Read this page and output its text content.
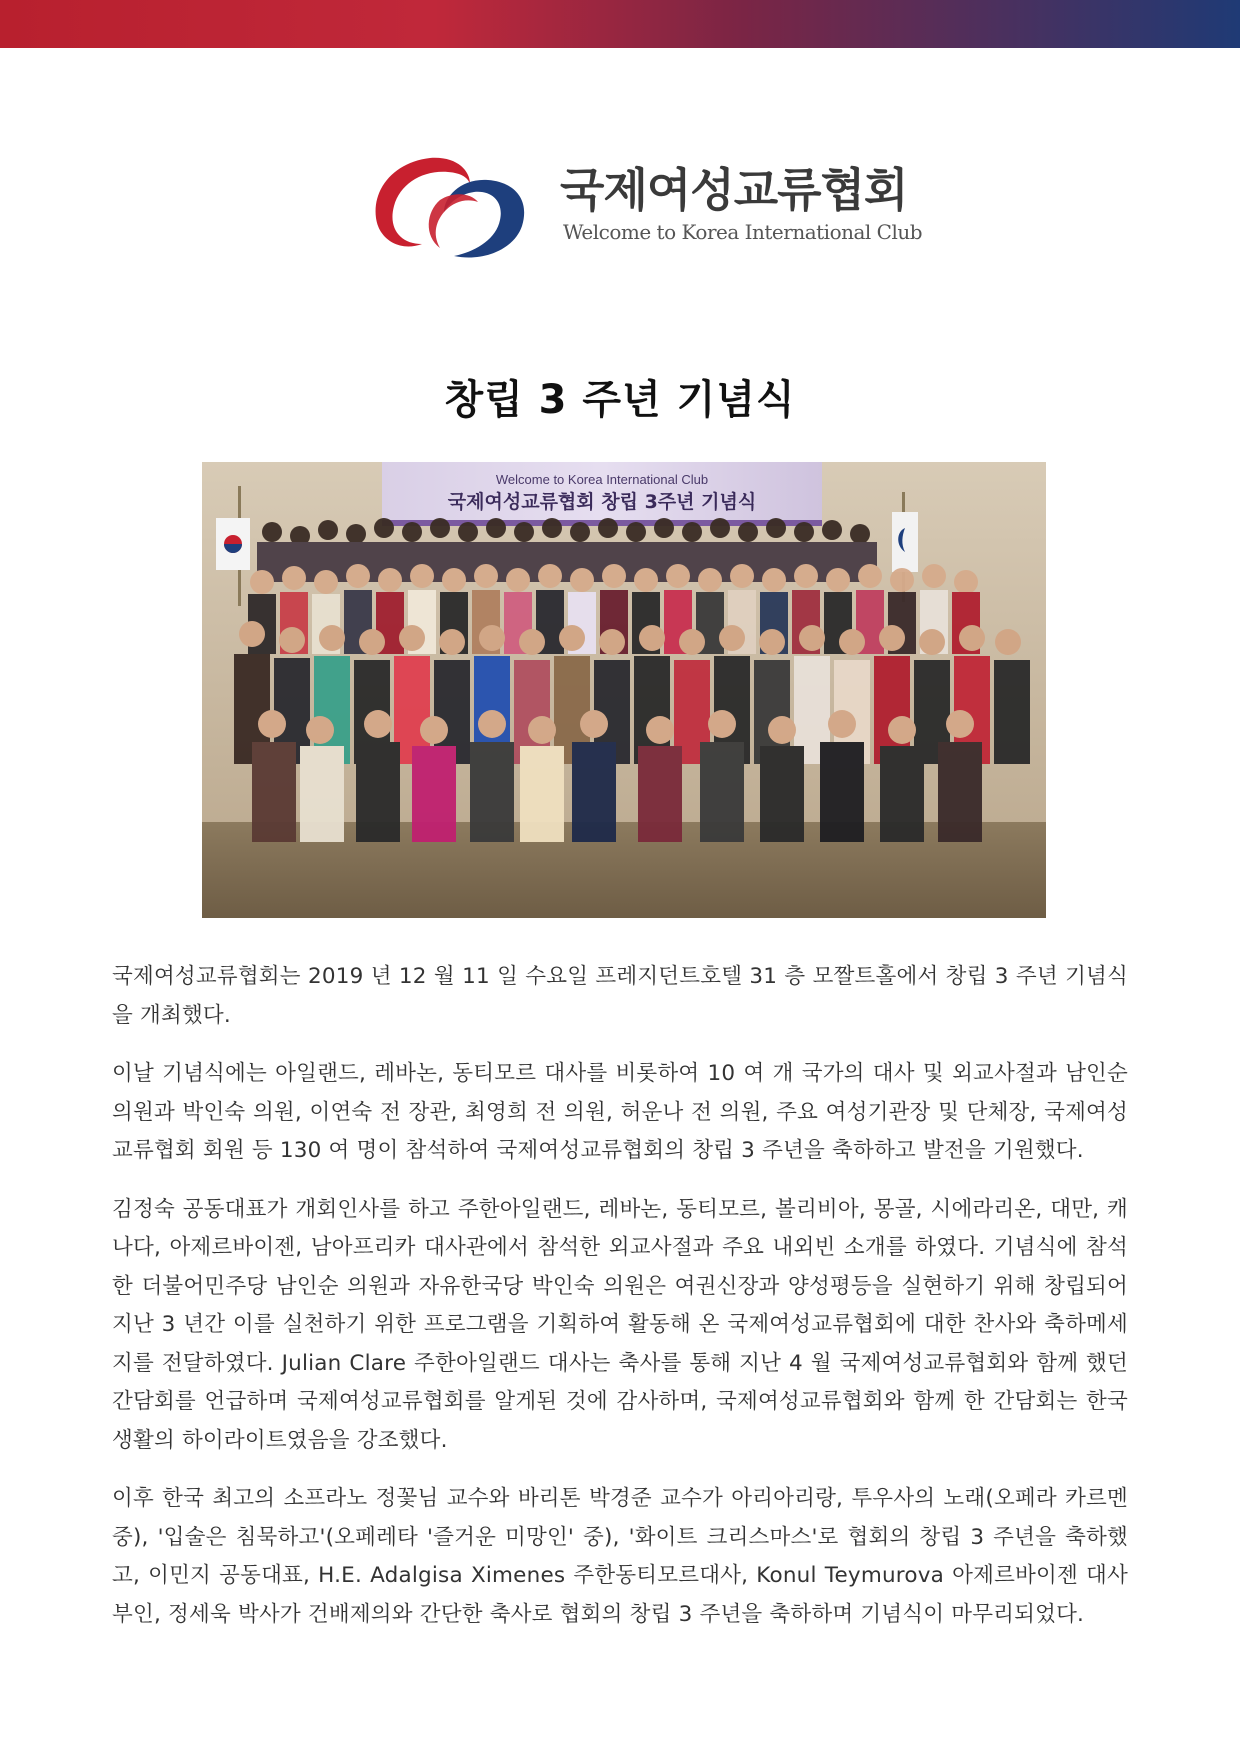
국제여성교류협회
Welcome to Korea International Club
창립 3 주년 기념식
Welcome to Korea International Club
국제여성교류협회 창립 3주년 기념식

국제여성교류협회는 2019 년 12 월 11 일 수요일 프레지던트호텔 31 층 모짤트홀에서 창립 3 주년 기념식을 개최했다.

이날 기념식에는 아일랜드, 레바논, 동티모르 대사를 비롯하여 10 여 개 국가의 대사 및 외교사절과 남인순 의원과 박인숙 의원, 이연숙 전 장관, 최영희 전 의원, 허운나 전 의원, 주요 여성기관장 및 단체장, 국제여성교류협회 회원 등 130 여 명이 참석하여 국제여성교류협회의 창립 3 주년을 축하하고 발전을 기원했다.

김정숙 공동대표가 개회인사를 하고 주한아일랜드, 레바논, 동티모르, 볼리비아, 몽골, 시에라리온, 대만, 캐나다, 아제르바이젠, 남아프리카 대사관에서 참석한 외교사절과 주요 내외빈 소개를 하였다. 기념식에 참석한 더불어민주당 남인순 의원과 자유한국당 박인숙 의원은 여권신장과 양성평등을 실현하기 위해 창립되어 지난 3 년간 이를 실천하기 위한 프로그램을 기획하여 활동해 온 국제여성교류협회에 대한 찬사와 축하메세지를 전달하였다. Julian Clare 주한아일랜드 대사는 축사를 통해 지난 4 월 국제여성교류협회와 함께 했던 간담회를 언급하며 국제여성교류협회를 알게된 것에 감사하며, 국제여성교류협회와 함께 한 간담회는 한국생활의 하이라이트였음을 강조했다.

이후 한국 최고의 소프라노 정꽃님 교수와 바리톤 박경준 교수가 아리아리랑, 투우사의 노래(오페라 카르멘 중), '입술은 침묵하고'(오페레타 '즐거운 미망인' 중), '화이트 크리스마스'로 협회의 창립 3 주년을 축하했고, 이민지 공동대표, H.E. Adalgisa Ximenes 주한동티모르대사, Konul Teymurova 아제르바이젠 대사부인, 정세욱 박사가 건배제의와 간단한 축사로 협회의 창립 3 주년을 축하하며 기념식이 마무리되었다.
